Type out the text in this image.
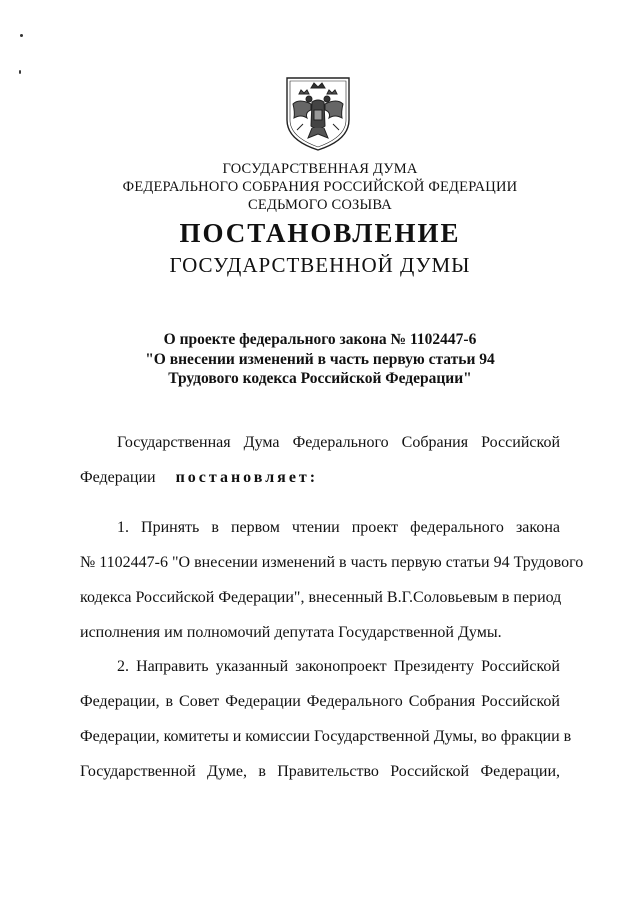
ГОСУДАРСТВЕННАЯ ДУМА
ФЕДЕРАЛЬНОГО СОБРАНИЯ РОССИЙСКОЙ ФЕДЕРАЦИИ
СЕДЬМОГО СОЗЫВА
ПОСТАНОВЛЕНИЕ
ГОСУДАРСТВЕННОЙ ДУМЫ
О проекте федерального закона № 1102447-6
"О внесении изменений в часть первую статьи 94
Трудового кодекса Российской Федерации"
Государственная Дума Федерального Собрания Российской
Федерации постановляет:
1. Принять в первом чтении проект федерального закона
№ 1102447-6 "О внесении изменений в часть первую статьи 94 Трудового
кодекса Российской Федерации", внесенный В.Г.Соловьевым в период
исполнения им полномочий депутата Государственной Думы.
2. Направить указанный законопроект Президенту Российской
Федерации, в Совет Федерации Федерального Собрания Российской
Федерации, комитеты и комиссии Государственной Думы, во фракции в
Государственной Думе, в Правительство Российской Федерации,
